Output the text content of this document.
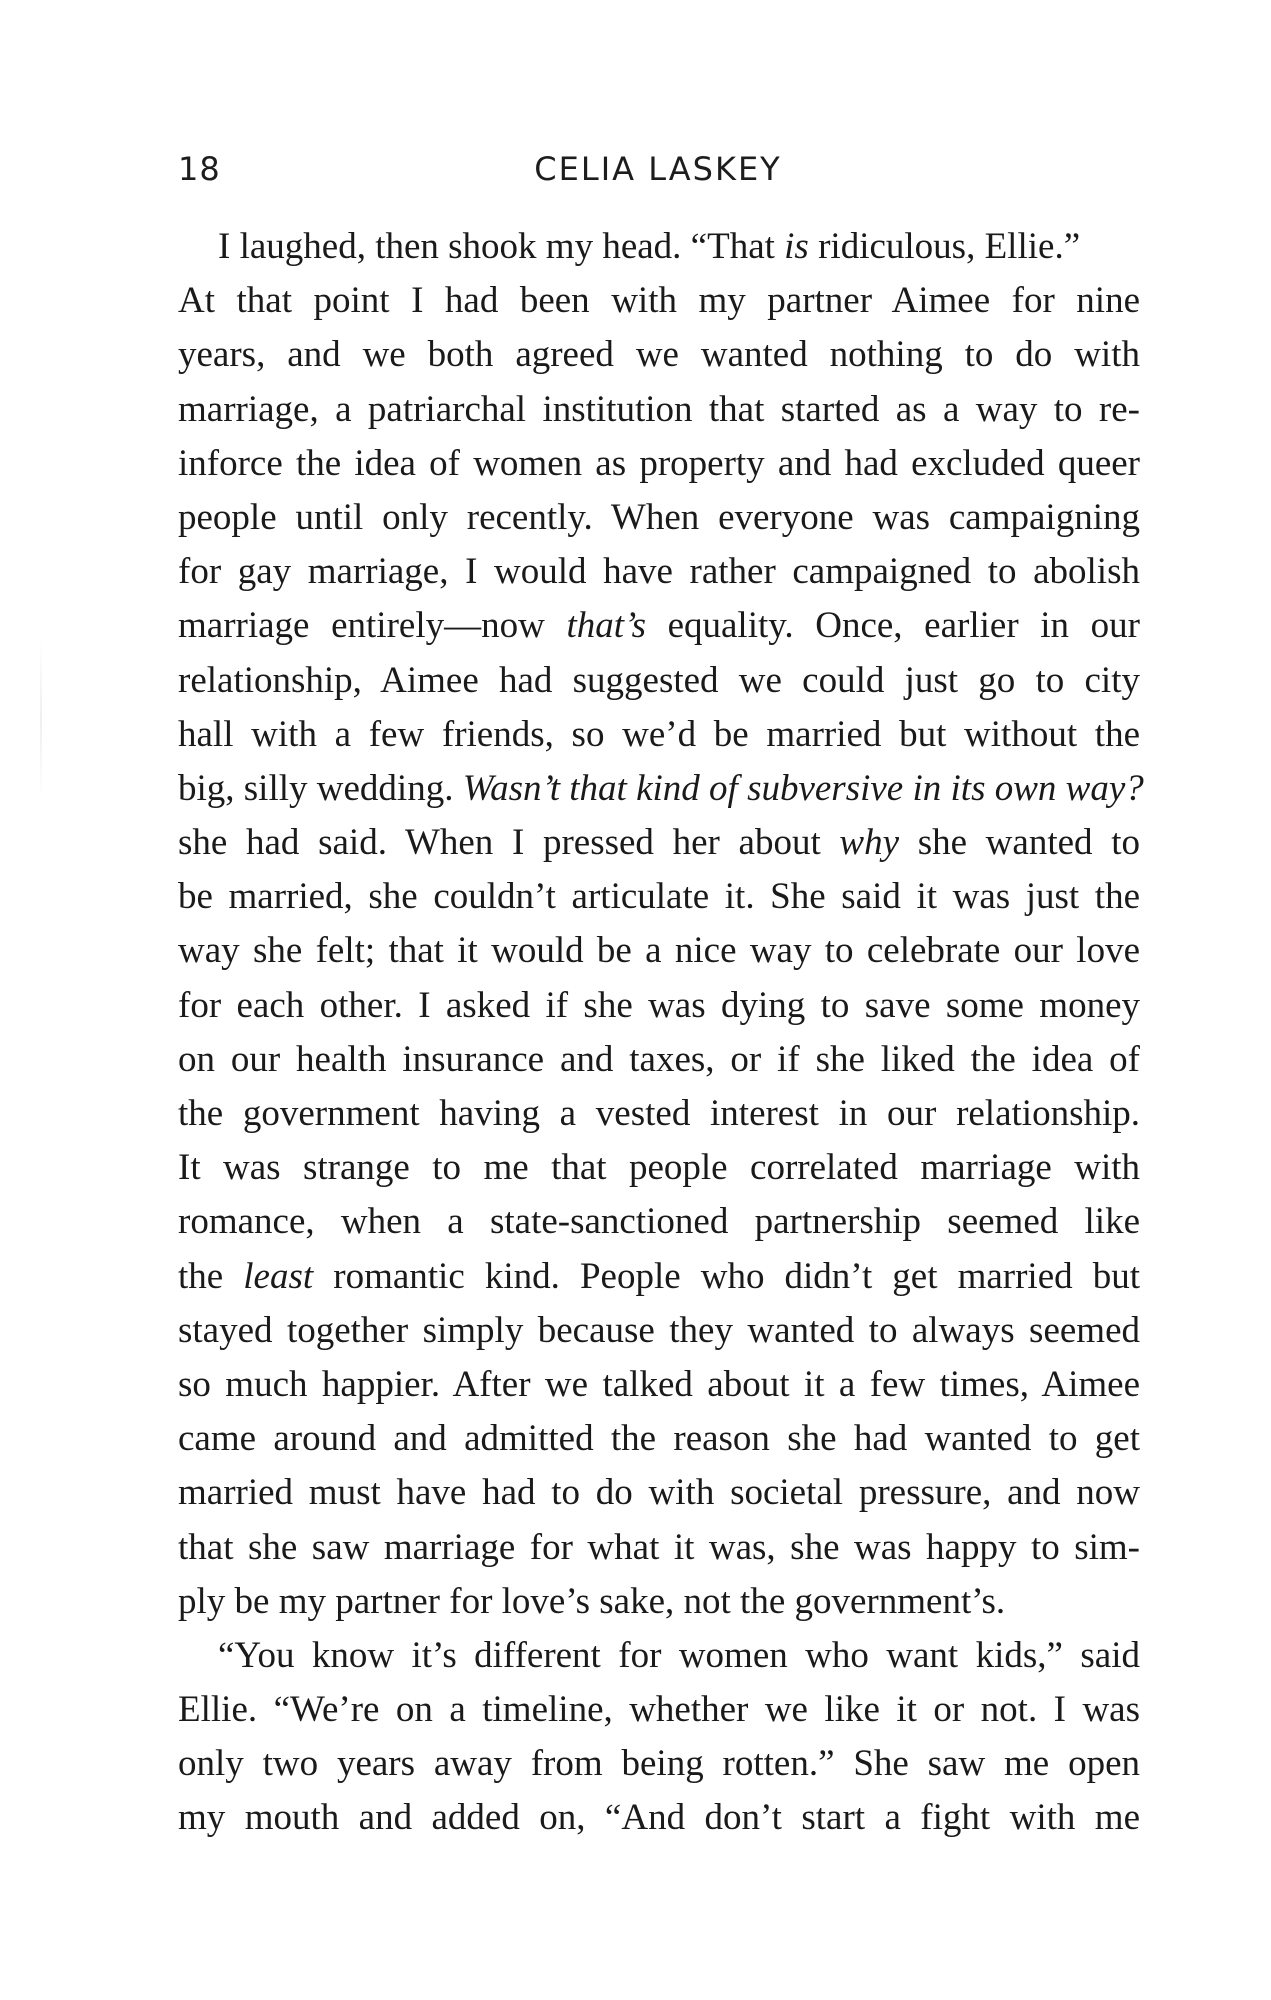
18	CELIA LASKEY
I laughed, then shook my head. “That is ridiculous, Ellie.”
At that point I had been with my partner Aimee for nine
years, and we both agreed we wanted nothing to do with
marriage, a patriarchal institution that started as a way to re-
inforce the idea of women as property and had excluded queer
people until only recently. When everyone was campaigning
for gay marriage, I would have rather campaigned to abolish
marriage entirely—now that’s equality. Once, earlier in our
relationship, Aimee had suggested we could just go to city
hall with a few friends, so we’d be married but without the
big, silly wedding. Wasn’t that kind of subversive in its own way?
she had said. When I pressed her about why she wanted to
be married, she couldn’t articulate it. She said it was just the
way she felt; that it would be a nice way to celebrate our love
for each other. I asked if she was dying to save some money
on our health insurance and taxes, or if she liked the idea of
the government having a vested interest in our relationship.
It was strange to me that people correlated marriage with
romance, when a state-sanctioned partnership seemed like
the least romantic kind. People who didn’t get married but
stayed together simply because they wanted to always seemed
so much happier. After we talked about it a few times, Aimee
came around and admitted the reason she had wanted to get
married must have had to do with societal pressure, and now
that she saw marriage for what it was, she was happy to sim-
ply be my partner for love’s sake, not the government’s.
“You know it’s different for women who want kids,” said
Ellie. “We’re on a timeline, whether we like it or not. I was
only two years away from being rotten.” She saw me open
my mouth and added on, “And don’t start a fight with me
